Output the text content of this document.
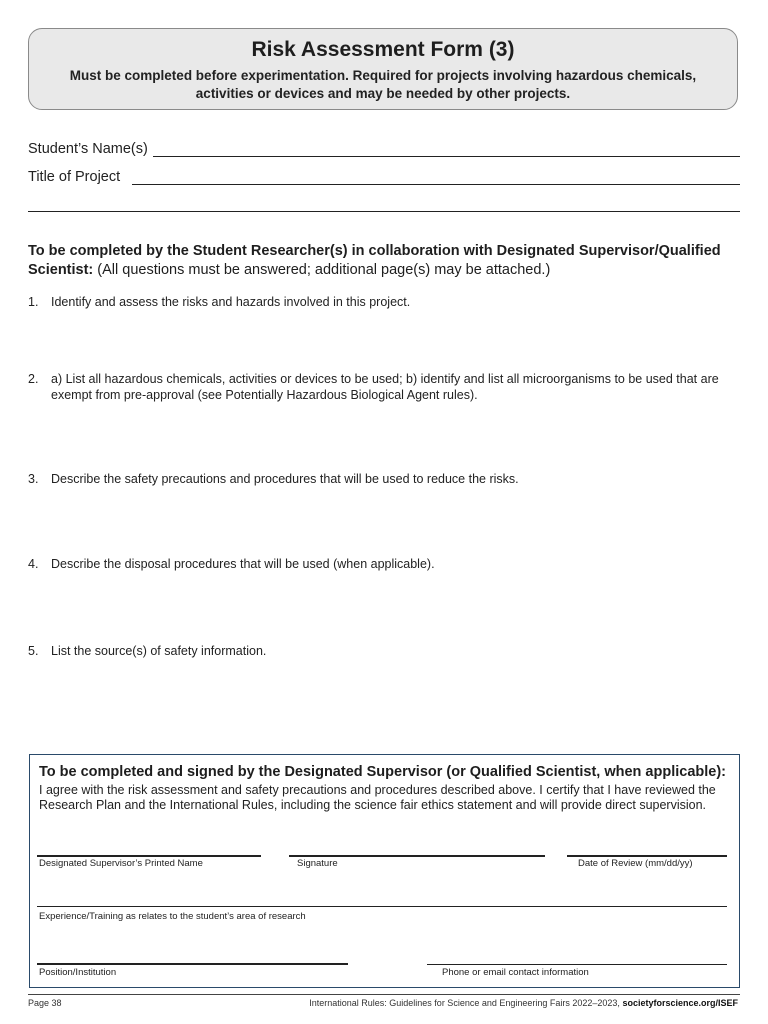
Risk Assessment Form (3)
Must be completed before experimentation. Required for projects involving hazardous chemicals, activities or devices and may be needed by other projects.
Student’s Name(s)
Title of Project
To be completed by the Student Researcher(s) in collaboration with Designated Supervisor/Qualified Scientist: (All questions must be answered; additional page(s) may be attached.)
1. Identify and assess the risks and hazards involved in this project.
2. a) List all hazardous chemicals, activities or devices to be used; b) identify and list all microorganisms to be used that are exempt from pre-approval (see Potentially Hazardous Biological Agent rules).
3. Describe the safety precautions and procedures that will be used to reduce the risks.
4. Describe the disposal procedures that will be used (when applicable).
5. List the source(s) of safety information.
To be completed and signed by the Designated Supervisor (or Qualified Scientist, when applicable):
I agree with the risk assessment and safety precautions and procedures described above. I certify that I have reviewed the Research Plan and the International Rules, including the science fair ethics statement and will provide direct supervision.
Designated Supervisor’s Printed Name	Signature	Date of Review (mm/dd/yy)
Experience/Training as relates to the student’s area of research
Position/Institution	Phone or email contact information
Page 38	International Rules: Guidelines for Science and Engineering Fairs 2022–2023, societyforscience.org/ISEF
